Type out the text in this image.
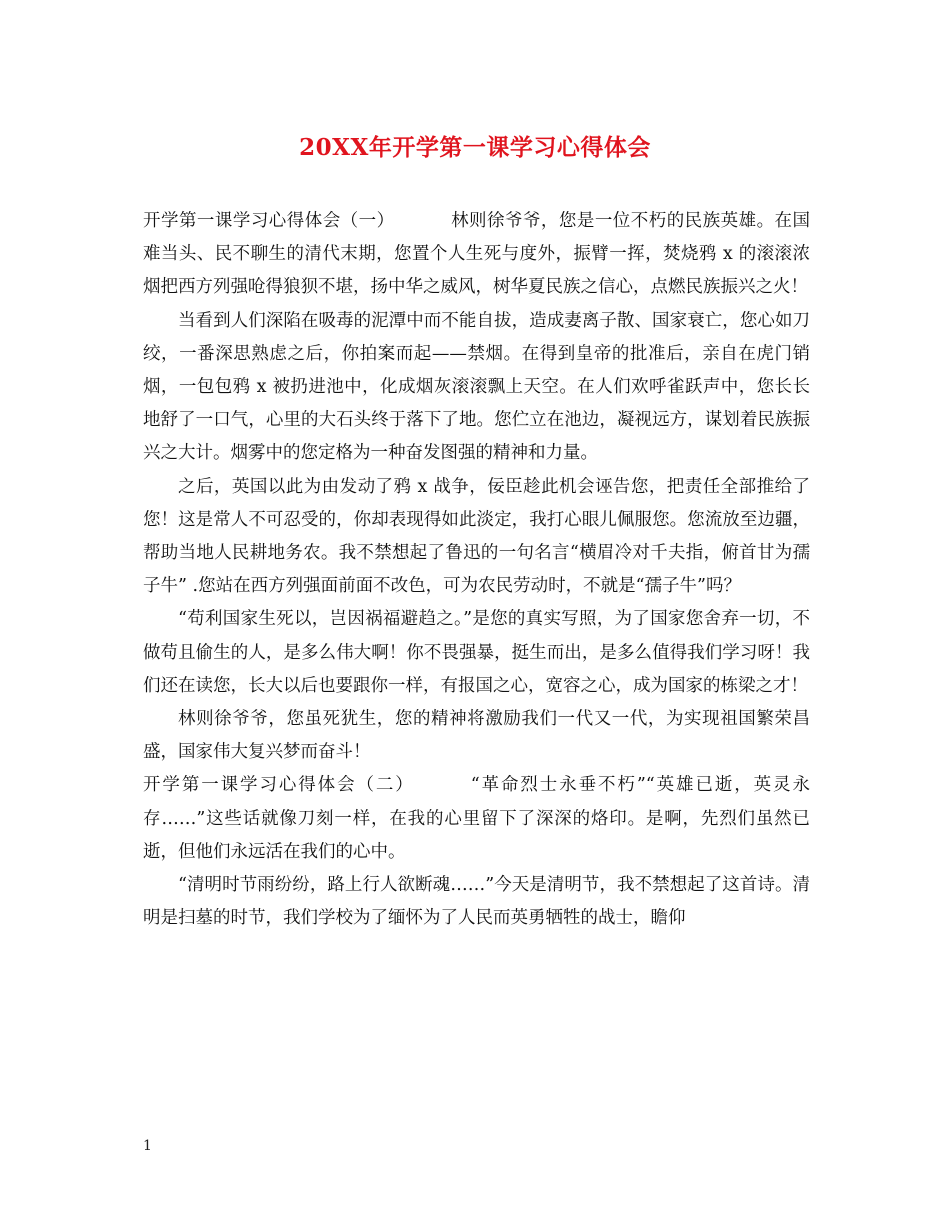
20XX年开学第一课学习心得体会

开学第一课学习心得体会（一）	林则徐爷爷，您是一位不朽的民族英雄。在国难当头、民不聊生的清代末期，您置个人生死与度外，振臂一挥，焚烧鸦 x 的滚滚浓烟把西方列强呛得狼狈不堪，扬中华之威风，树华夏民族之信心，点燃民族振兴之火！

当看到人们深陷在吸毒的泥潭中而不能自拔，造成妻离子散、国家衰亡，您心如刀绞，一番深思熟虑之后，你拍案而起——禁烟。在得到皇帝的批准后，亲自在虎门销烟，一包包鸦 x 被扔进池中，化成烟灰滚滚飘上天空。在人们欢呼雀跃声中，您长长地舒了一口气，心里的大石头终于落下了地。您伫立在池边，凝视远方，谋划着民族振兴之大计。烟雾中的您定格为一种奋发图强的精神和力量。

之后，英国以此为由发动了鸦 x 战争，佞臣趁此机会诬告您，把责任全部推给了您！这是常人不可忍受的，你却表现得如此淡定，我打心眼儿佩服您。您流放至边疆，帮助当地人民耕地务农。我不禁想起了鲁迅的一句名言“横眉冷对千夫指，俯首甘为孺子牛” .您站在西方列强面前面不改色，可为农民劳动时，不就是“孺子牛”吗？

“苟利国家生死以，岂因祸福避趋之。”是您的真实写照，为了国家您舍弃一切，不做苟且偷生的人，是多么伟大啊！你不畏强暴，挺生而出，是多么值得我们学习呀！我们还在读您，长大以后也要跟你一样，有报国之心，宽容之心，成为国家的栋梁之才！

林则徐爷爷，您虽死犹生，您的精神将激励我们一代又一代，为实现祖国繁荣昌盛，国家伟大复兴梦而奋斗！

开学第一课学习心得体会（二）	“革命烈士永垂不朽”“英雄已逝，英灵永存……”这些话就像刀刻一样，在我的心里留下了深深的烙印。是啊，先烈们虽然已逝，但他们永远活在我们的心中。

“清明时节雨纷纷，路上行人欲断魂……”今天是清明节，我不禁想起了这首诗。清明是扫墓的时节，我们学校为了缅怀为了人民而英勇牺牲的战士，瞻仰

1
